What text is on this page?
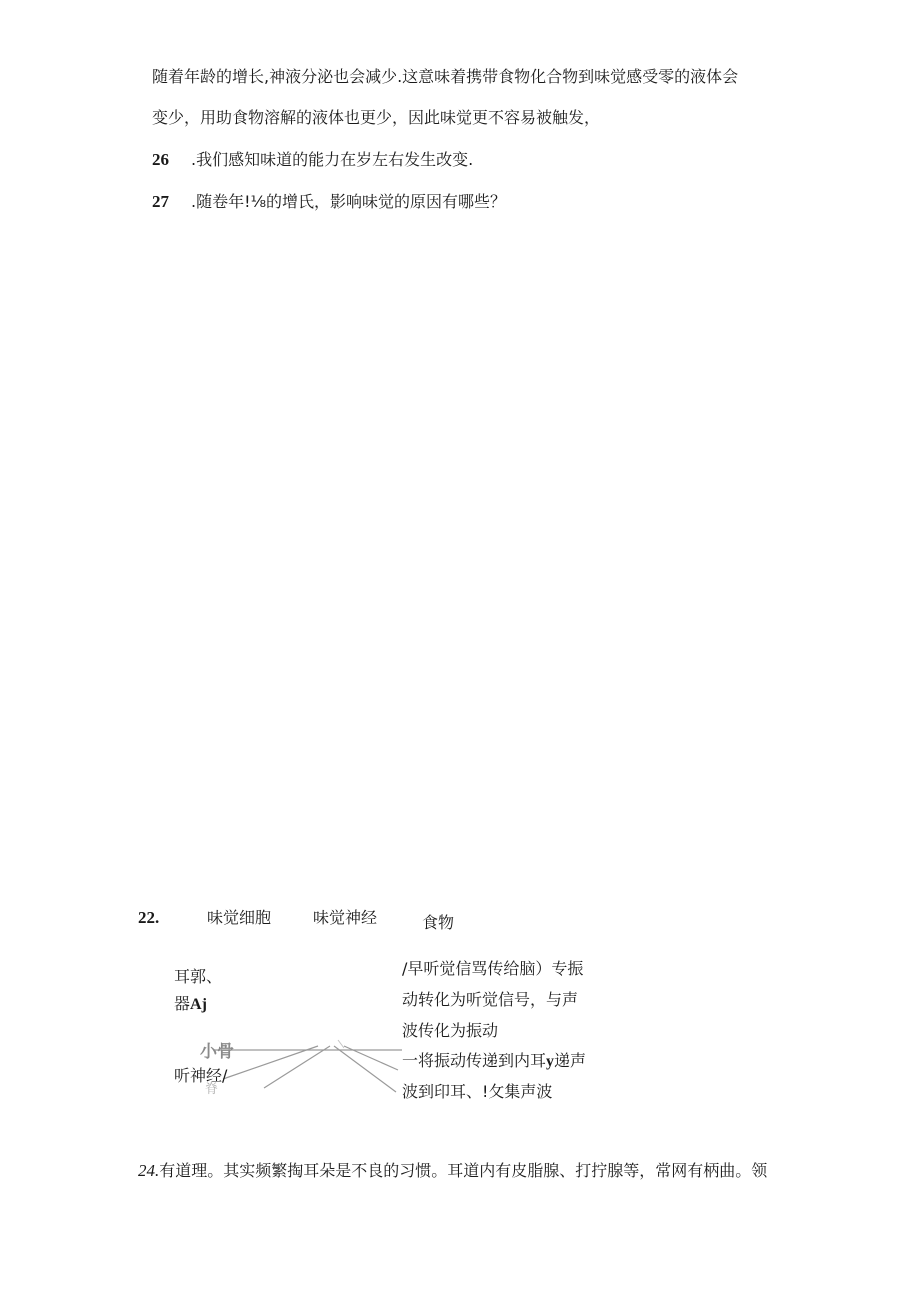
随着年龄的增长,神液分泌也会减少.这意味着携带食物化合物到味觉感受零的液体会
变少，用助食物溶解的液体也更少，因此味觉更不容易被触发，
26 .我们感知味道的能力在岁左右发生改变.
27 .随卷年!⅛的增氏，影响味觉的原因有哪些？
22.	味觉细胞	味觉神经	食物
耳郭、
器Aj
小骨
听神经/
脊
/早听觉信骂传给脑）专振
动转化为听觉信号，与声
波传化为振动
一将振动传递到内耳y递声
波到印耳、!攵集声波
24.有道理。其实频繁掏耳朵是不良的习惯。耳道内有皮脂腺、打拧腺等，常网有柄曲。领
